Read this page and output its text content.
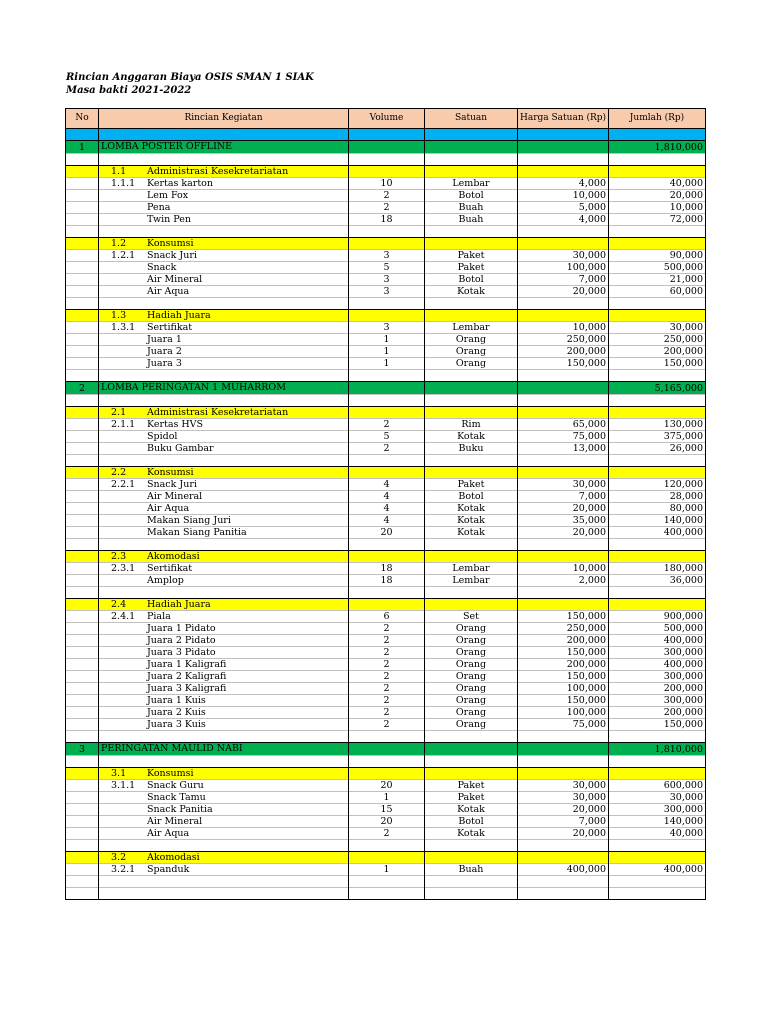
Rincian Anggaran Biaya OSIS SMAN 1 SIAK
Masa bakti 2021-2022
No	Rincian Kegiatan	Volume	Satuan	Harga Satuan (Rp)	Jumlah (Rp)

1	LOMBA POSTER OFFLINE				1,810,000

	1.1 Administrasi Kesekretariatan				

	1.1.1 Kertas karton	10	Lembar	4,000	40,000

	Lem Fox	2	Botol	10,000	20,000

	Pena	2	Buah	5,000	10,000

	Twin Pen	18	Buah	4,000	72,000

	1.2 Konsumsi				

	1.2.1 Snack Juri	3	Paket	30,000	90,000

	Snack	5	Paket	100,000	500,000

	Air Mineral	3	Botol	7,000	21,000

	Air Aqua	3	Kotak	20,000	60,000

	1.3 Hadiah Juara				

	1.3.1 Sertifikat	3	Lembar	10,000	30,000

	Juara 1	1	Orang	250,000	250,000

	Juara 2	1	Orang	200,000	200,000

	Juara 3	1	Orang	150,000	150,000

2	LOMBA PERINGATAN 1 MUHARROM				5,165,000

	2.1 Administrasi Kesekretariatan				

	2.1.1 Kertas HVS	2	Rim	65,000	130,000

	Spidol	5	Kotak	75,000	375,000

	Buku Gambar	2	Buku	13,000	26,000

	2.2 Konsumsi				

	2.2.1 Snack Juri	4	Paket	30,000	120,000

	Air Mineral	4	Botol	7,000	28,000

	Air Aqua	4	Kotak	20,000	80,000

	Makan Siang Juri	4	Kotak	35,000	140,000

	Makan Siang Panitia	20	Kotak	20,000	400,000

	2.3 Akomodasi				

	2.3.1 Sertifikat	18	Lembar	10,000	180,000

	Amplop	18	Lembar	2,000	36,000

	2.4 Hadiah Juara				

	2.4.1 Piala	6	Set	150,000	900,000

	Juara 1 Pidato	2	Orang	250,000	500,000

	Juara 2 Pidato	2	Orang	200,000	400,000

	Juara 3 Pidato	2	Orang	150,000	300,000

	Juara 1 Kaligrafi	2	Orang	200,000	400,000

	Juara 2 Kaligrafi	2	Orang	150,000	300,000

	Juara 3 Kaligrafi	2	Orang	100,000	200,000

	Juara 1 Kuis	2	Orang	150,000	300,000

	Juara 2 Kuis	2	Orang	100,000	200,000

	Juara 3 Kuis	2	Orang	75,000	150,000

3	PERINGATAN MAULID NABI				1,810,000

	3.1 Konsumsi				

	3.1.1 Snack Guru	20	Paket	30,000	600,000

	Snack Tamu	1	Paket	30,000	30,000

	Snack Panitia	15	Kotak	20,000	300,000

	Air Mineral	20	Botol	7,000	140,000

	Air Aqua	2	Kotak	20,000	40,000

	3.2 Akomodasi				

	3.2.1 Spanduk	1	Buah	400,000	400,000
